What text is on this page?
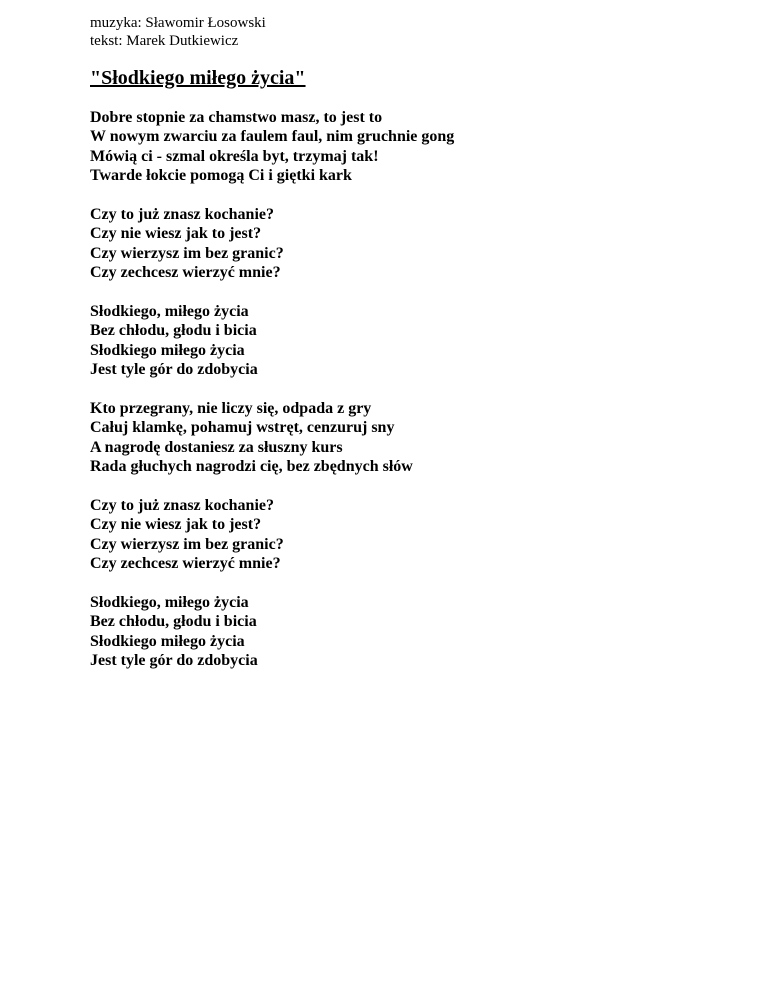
muzyka: Sławomir Łosowski
tekst: Marek Dutkiewicz
"Słodkiego miłego życia"
Dobre stopnie za chamstwo masz, to jest to
W nowym zwarciu za faulem faul, nim gruchnie gong
Mówią ci - szmal określa byt, trzymaj tak!
Twarde łokcie pomogą Ci i giętki kark
Czy to już znasz kochanie?
Czy nie wiesz jak to jest?
Czy wierzysz im bez granic?
Czy zechcesz wierzyć mnie?
Słodkiego, miłego życia
Bez chłodu, głodu i bicia
Słodkiego miłego życia
Jest tyle gór do zdobycia
Kto przegrany, nie liczy się, odpada z gry
Całuj klamkę, pohamuj wstręt, cenzuruj sny
A nagrodę dostaniesz za słuszny kurs
Rada głuchych nagrodzi cię, bez zbędnych słów
Czy to już znasz kochanie?
Czy nie wiesz jak to jest?
Czy wierzysz im bez granic?
Czy zechcesz wierzyć mnie?
Słodkiego, miłego życia
Bez chłodu, głodu i bicia
Słodkiego miłego życia
Jest tyle gór do zdobycia
